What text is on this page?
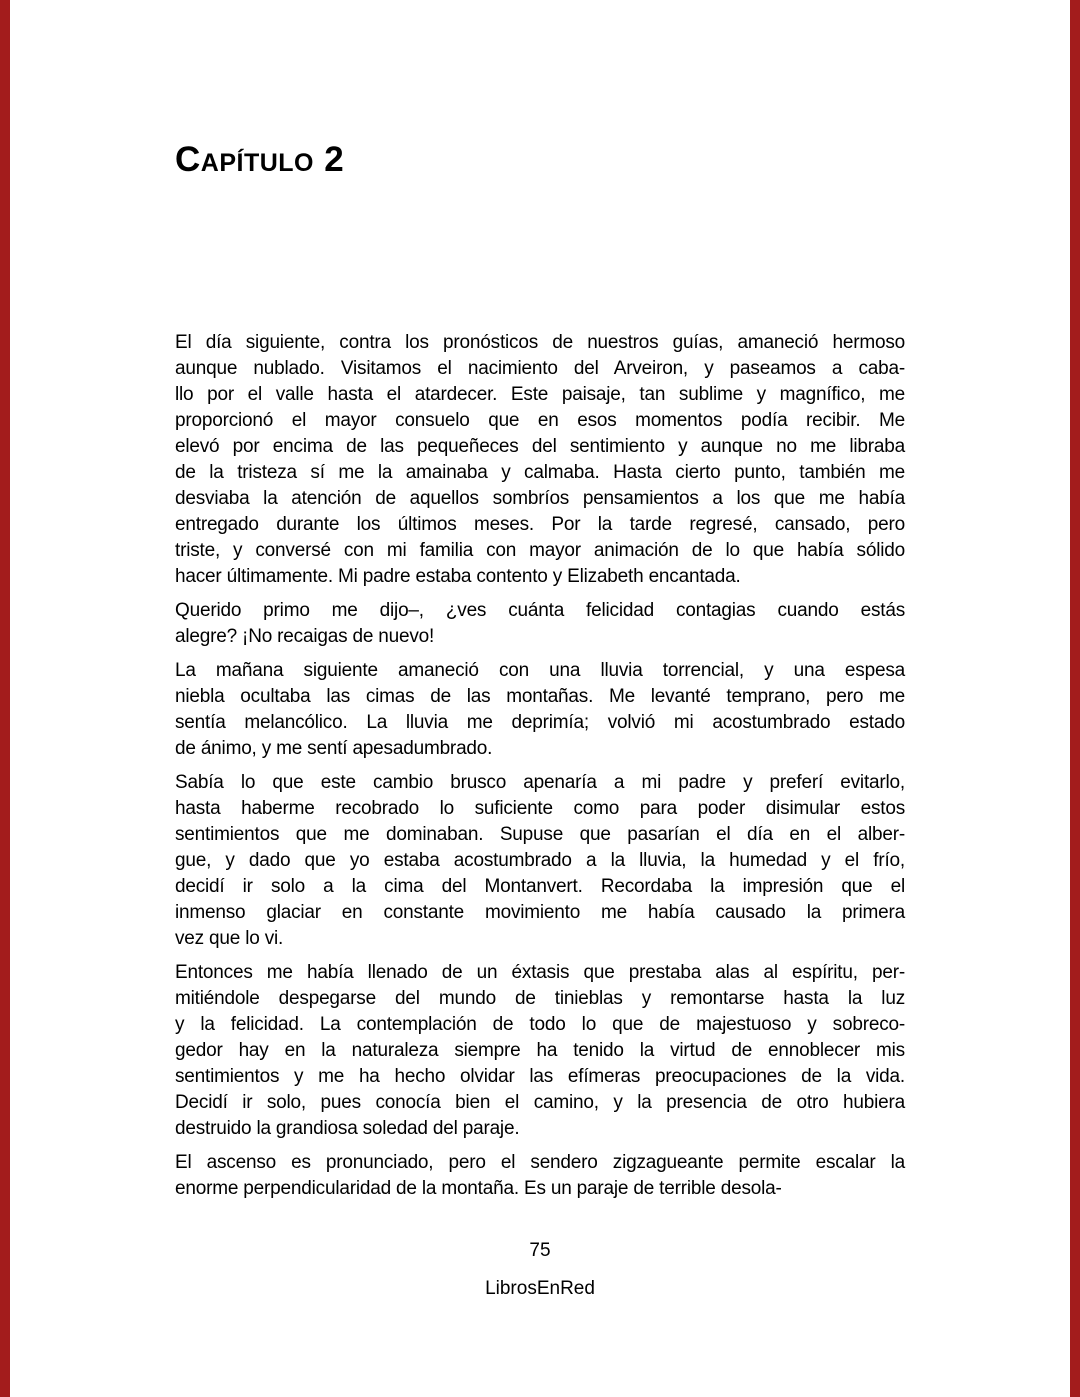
Capítulo 2
El día siguiente, contra los pronósticos de nuestros guías, amaneció hermoso
aunque nublado. Visitamos el nacimiento del Arveiron, y paseamos a caba-
llo por el valle hasta el atardecer. Este paisaje, tan sublime y magnífico, me
proporcionó el mayor consuelo que en esos momentos podía recibir. Me
elevó por encima de las pequeñeces del sentimiento y aunque no me libraba
de la tristeza sí me la amainaba y calmaba. Hasta cierto punto, también me
desviaba la atención de aquellos sombríos pensamientos a los que me había
entregado durante los últimos meses. Por la tarde regresé, cansado, pero
triste, y conversé con mi familia con mayor animación de lo que había sólido
hacer últimamente. Mi padre estaba contento y Elizabeth encantada.
Querido primo me dijo–, ¿ves cuánta felicidad contagias cuando estás
alegre? ¡No recaigas de nuevo!
La mañana siguiente amaneció con una lluvia torrencial, y una espesa
niebla ocultaba las cimas de las montañas. Me levanté temprano, pero me
sentía melancólico. La lluvia me deprimía; volvió mi acostumbrado estado
de ánimo, y me sentí apesadumbrado.
Sabía lo que este cambio brusco apenaría a mi padre y preferí evitarlo,
hasta haberme recobrado lo suficiente como para poder disimular estos
sentimientos que me dominaban. Supuse que pasarían el día en el alber-
gue, y dado que yo estaba acostumbrado a la lluvia, la humedad y el frío,
decidí ir solo a la cima del Montanvert. Recordaba la impresión que el
inmenso glaciar en constante movimiento me había causado la primera
vez que lo vi.
Entonces me había llenado de un éxtasis que prestaba alas al espíritu, per-
mitiéndole despegarse del mundo de tinieblas y remontarse hasta la luz
y la felicidad. La contemplación de todo lo que de majestuoso y sobreco-
gedor hay en la naturaleza siempre ha tenido la virtud de ennoblecer mis
sentimientos y me ha hecho olvidar las efímeras preocupaciones de la vida.
Decidí ir solo, pues conocía bien el camino, y la presencia de otro hubiera
destruido la grandiosa soledad del paraje.
El ascenso es pronunciado, pero el sendero zigzagueante permite escalar la
enorme perpendicularidad de la montaña. Es un paraje de terrible desola-
75
LibrosEnRed
